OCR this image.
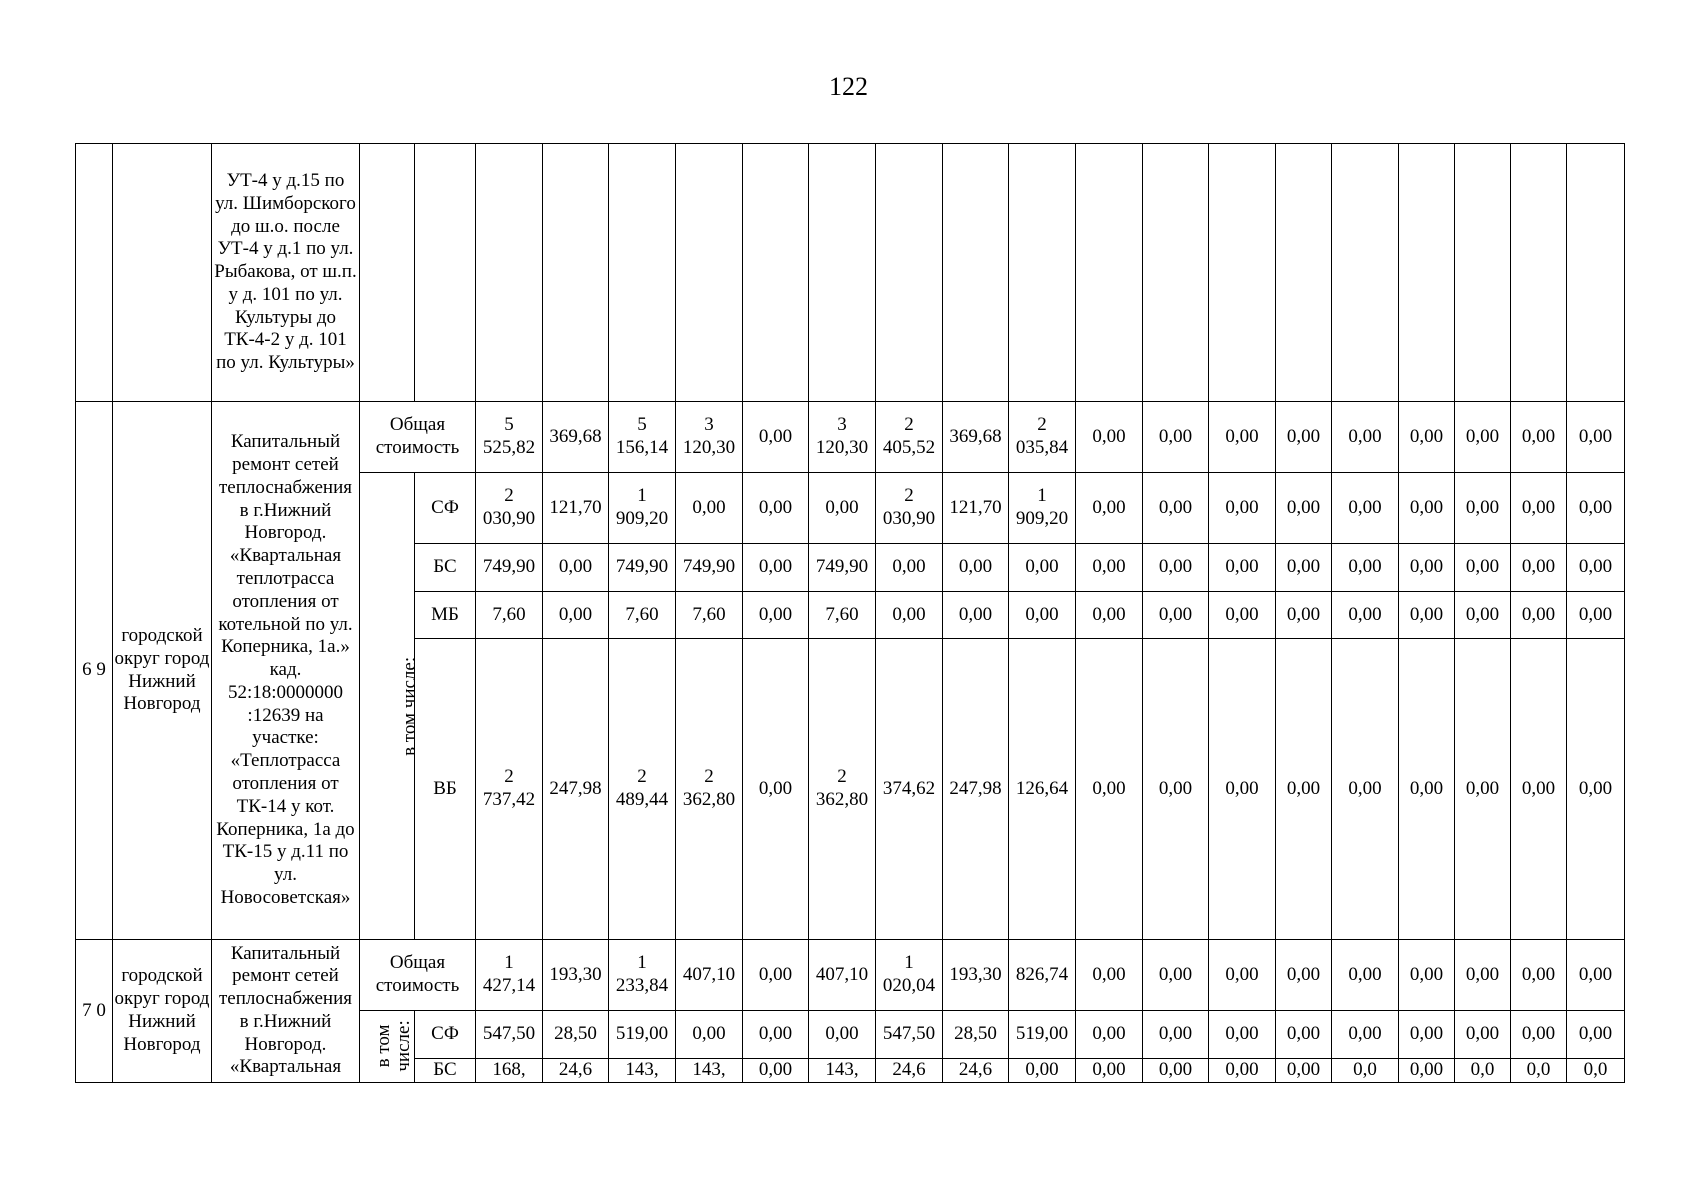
122
		УТ-4 у д.15 по ул. Шимборского до ш.о. после УТ-4 у д.1 по ул. Рыбакова, от ш.п. у д. 101 по ул. Культуры до ТК-4-2 у д. 101 по ул. Культуры»																				
6 9	городской округ город Нижний Новгород	Капитальный ремонт сетей теплоснабжения в г.Нижний Новгород. «Квартальная теплотрасса отопления от котельной по ул. Коперника, 1а.» кад. 52:18:0000000 :12639 на участке: «Теплотрасса отопления от ТК-14 у кот. Коперника, 1а до ТК-15 у д.11 по ул. Новосоветская»	Общая стоимость		5 525,82	369,68	5 156,14	3 120,30	0,00	3 120,30	2 405,52	369,68	2 035,84	0,00	0,00	0,00	0,00	0,00	0,00	0,00	0,00	0,00
			в том числе:	СФ	2 030,90	121,70	1 909,20	0,00	0,00	0,00	2 030,90	121,70	1 909,20	0,00	0,00	0,00	0,00	0,00	0,00	0,00	0,00	0,00
				БС	749,90	0,00	749,90	749,90	0,00	749,90	0,00	0,00	0,00	0,00	0,00	0,00	0,00	0,00	0,00	0,00	0,00	0,00
				МБ	7,60	0,00	7,60	7,60	0,00	7,60	0,00	0,00	0,00	0,00	0,00	0,00	0,00	0,00	0,00	0,00	0,00	0,00
				ВБ	2 737,42	247,98	2 489,44	2 362,80	0,00	2 362,80	374,62	247,98	126,64	0,00	0,00	0,00	0,00	0,00	0,00	0,00	0,00	0,00
7 0	городской округ город Нижний Новгород	Капитальный ремонт сетей теплоснабжения в г.Нижний Новгород. «Квартальная	Общая стоимость		1 427,14	193,30	1 233,84	407,10	0,00	407,10	1 020,04	193,30	826,74	0,00	0,00	0,00	0,00	0,00	0,00	0,00	0,00	0,00
			в том числе:	СФ	547,50	28,50	519,00	0,00	0,00	0,00	547,50	28,50	519,00	0,00	0,00	0,00	0,00	0,00	0,00	0,00	0,00	0,00
				БС	168,	24,6	143,	143,	0,00	143,	24,6	24,6	0,00	0,00	0,00	0,00	0,00	0,0	0,00	0,0	0,0	0,0
